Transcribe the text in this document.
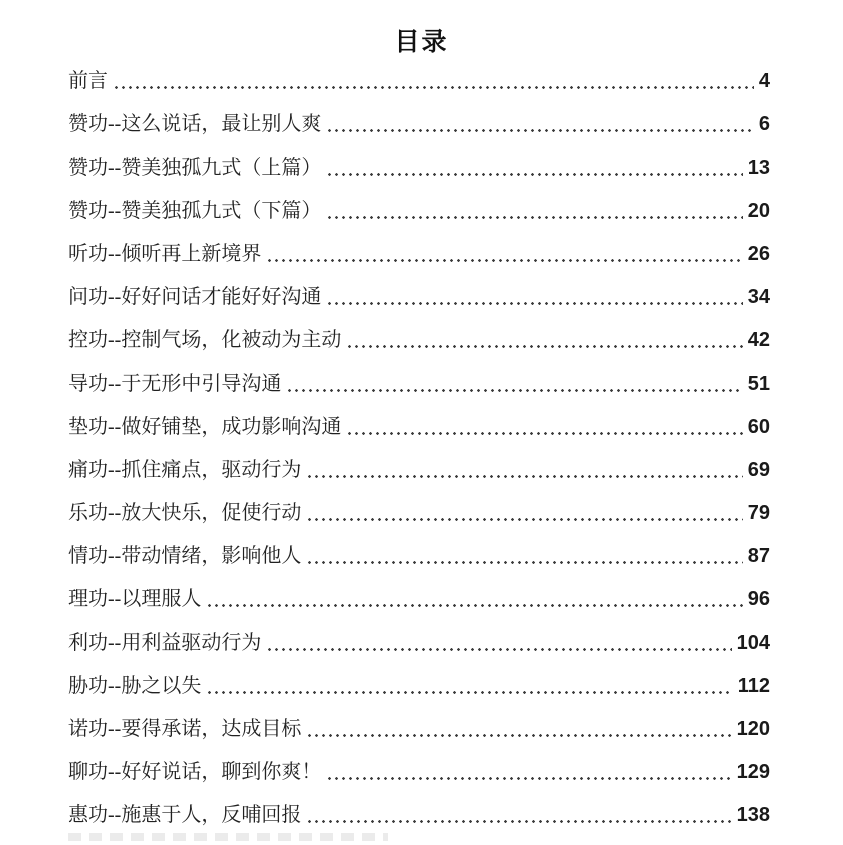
目录
前言	4
赞功--这么说话，最让别人爽	6
赞功--赞美独孤九式（上篇）	13
赞功--赞美独孤九式（下篇）	20
听功--倾听再上新境界	26
问功--好好问话才能好好沟通	34
控功--控制气场，化被动为主动	42
导功--于无形中引导沟通	51
垫功--做好铺垫，成功影响沟通	60
痛功--抓住痛点，驱动行为	69
乐功--放大快乐，促使行动	79
情功--带动情绪，影响他人	87
理功--以理服人	96
利功--用利益驱动行为	104
胁功--胁之以失	112
诺功--要得承诺，达成目标	120
聊功--好好说话，聊到你爽！	129
惠功--施惠于人，反哺回报	138
